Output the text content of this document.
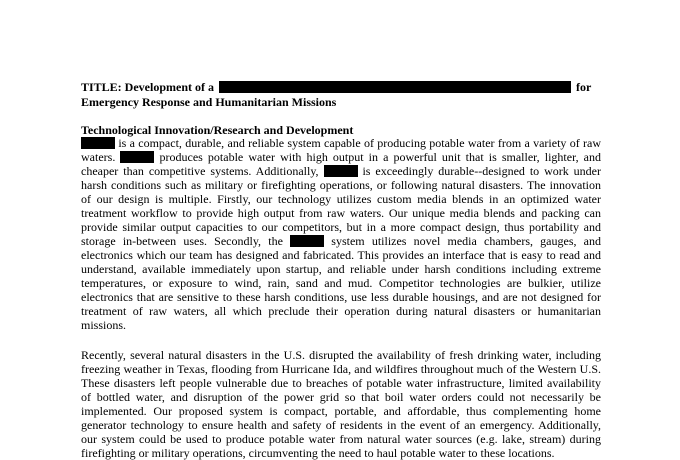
TITLE: Development of a	for
Emergency Response and Humanitarian Missions
Technological Innovation/Research and Development
is a compact, durable, and reliable system capable of producing potable water from a variety of raw
waters.	produces potable water with high output in a powerful unit that is smaller, lighter, and
cheaper than competitive systems. Additionally,	is exceedingly durable--designed to work under
harsh conditions such as military or firefighting operations, or following natural disasters. The innovation
of our design is multiple. Firstly, our technology utilizes custom media blends in an optimized water
treatment workflow to provide high output from raw waters. Our unique media blends and packing can
provide similar output capacities to our competitors, but in a more compact design, thus portability and
storage in-between uses. Secondly, the	system utilizes novel media chambers, gauges, and
electronics which our team has designed and fabricated. This provides an interface that is easy to read and
understand, available immediately upon startup, and reliable under harsh conditions including extreme
temperatures, or exposure to wind, rain, sand and mud. Competitor technologies are bulkier, utilize
electronics that are sensitive to these harsh conditions, use less durable housings, and are not designed for
treatment of raw waters, all which preclude their operation during natural disasters or humanitarian
missions.
Recently, several natural disasters in the U.S. disrupted the availability of fresh drinking water, including
freezing weather in Texas, flooding from Hurricane Ida, and wildfires throughout much of the Western U.S.
These disasters left people vulnerable due to breaches of potable water infrastructure, limited availability
of bottled water, and disruption of the power grid so that boil water orders could not necessarily be
implemented. Our proposed system is compact, portable, and affordable, thus complementing home
generator technology to ensure health and safety of residents in the event of an emergency. Additionally,
our system could be used to produce potable water from natural water sources (e.g. lake, stream) during
firefighting or military operations, circumventing the need to haul potable water to these locations.
